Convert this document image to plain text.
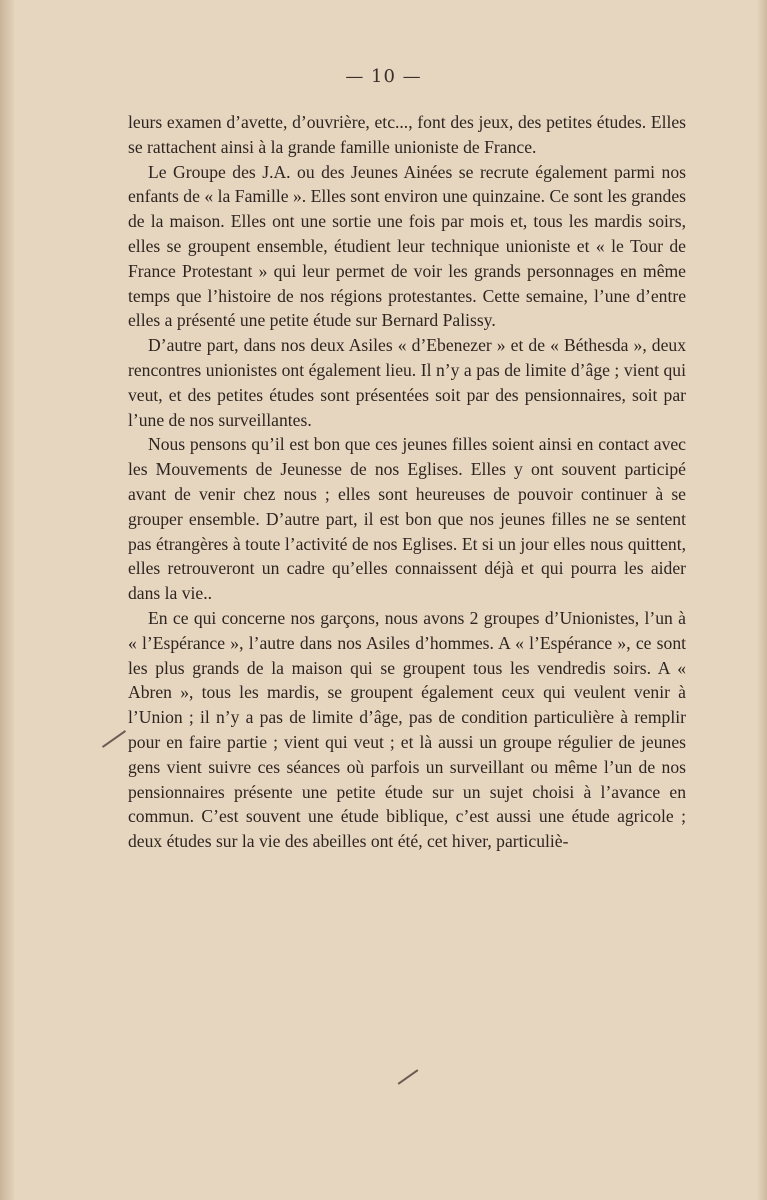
— 10 —

leurs examen d’avette, d’ouvrière, etc..., font des jeux, des petites études. Elles se rattachent ainsi à la grande famille unioniste de France.

Le Groupe des J.A. ou des Jeunes Ainées se recrute également parmi nos enfants de « la Famille ». Elles sont environ une quinzaine. Ce sont les grandes de la maison. Elles ont une sortie une fois par mois et, tous les mardis soirs, elles se groupent ensemble, étudient leur technique unioniste et « le Tour de France Protestant » qui leur permet de voir les grands personnages en même temps que l’histoire de nos régions protestantes. Cette semaine, l’une d’entre elles a présenté une petite étude sur Bernard Palissy.

D’autre part, dans nos deux Asiles « d’Ebenezer » et de « Béthesda », deux rencontres unionistes ont également lieu. Il n’y a pas de limite d’âge ; vient qui veut, et des petites études sont présentées soit par des pensionnaires, soit par l’une de nos surveillantes.

Nous pensons qu’il est bon que ces jeunes filles soient ainsi en contact avec les Mouvements de Jeunesse de nos Eglises. Elles y ont souvent participé avant de venir chez nous ; elles sont heureuses de pouvoir continuer à se grouper ensemble. D’autre part, il est bon que nos jeunes filles ne se sentent pas étrangères à toute l’activité de nos Eglises. Et si un jour elles nous quittent, elles retrouveront un cadre qu’elles connaissent déjà et qui pourra les aider dans la vie..

En ce qui concerne nos garçons, nous avons 2 groupes d’Unionistes, l’un à « l’Espérance », l’autre dans nos Asiles d’hommes. A « l’Espérance », ce sont les plus grands de la maison qui se groupent tous les vendredis soirs. A « Abren », tous les mardis, se groupent également ceux qui veulent venir à l’Union ; il n’y a pas de limite d’âge, pas de condition particulière à remplir pour en faire partie ; vient qui veut ; et là aussi un groupe régulier de jeunes gens vient suivre ces séances où parfois un surveillant ou même l’un de nos pensionnaires présente une petite étude sur un sujet choisi à l’avance en commun. C’est souvent une étude biblique, c’est aussi une étude agricole ; deux études sur la vie des abeilles ont été, cet hiver, particuliè-
